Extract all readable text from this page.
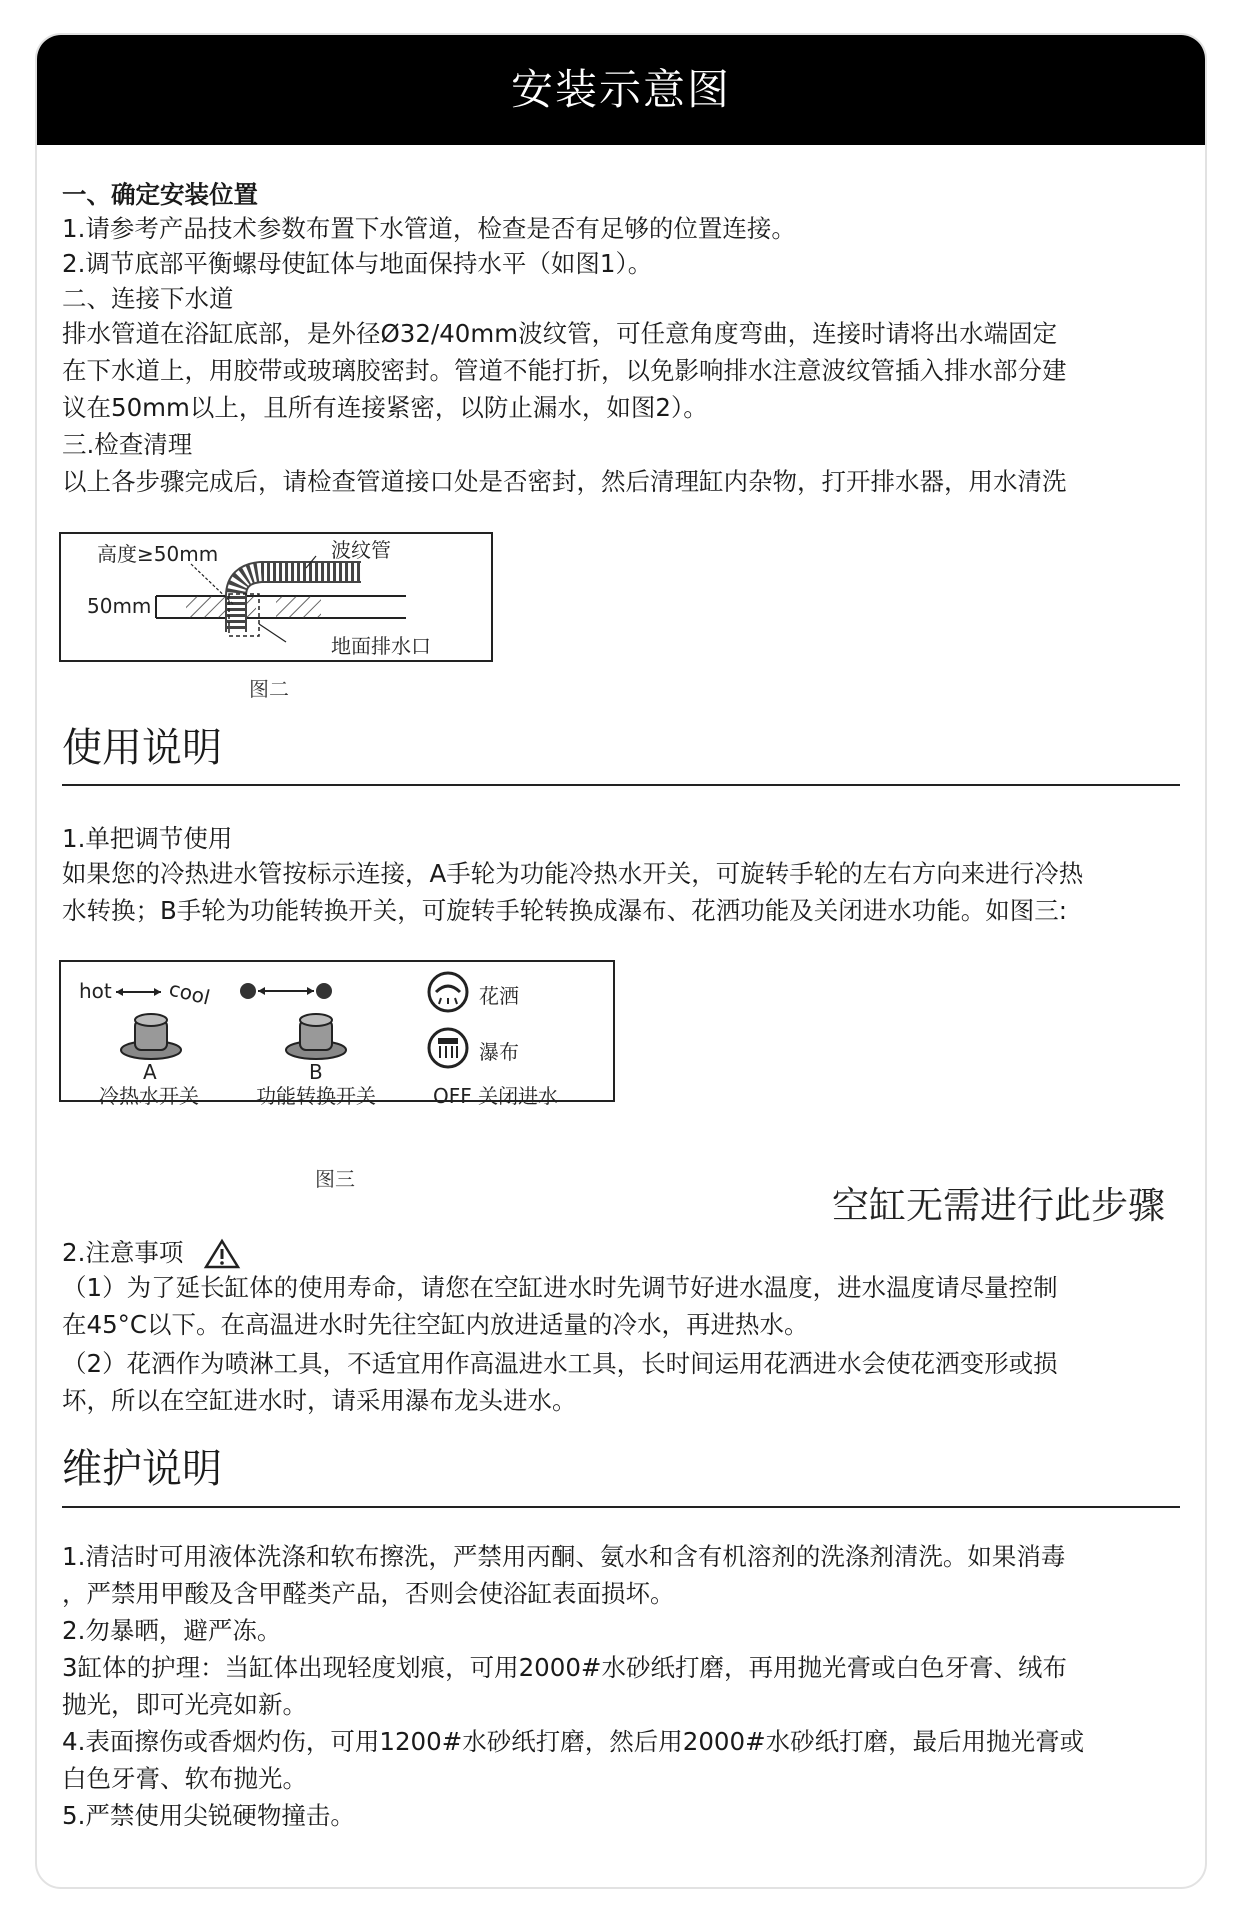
安装示意图
一、确定安装位置
1.请参考产品技术参数布置下水管道，检查是否有足够的位置连接。
2.调节底部平衡螺母使缸体与地面保持水平（如图1）。
二、连接下水道
排水管道在浴缸底部，是外径Ø32/40mm波纹管，可任意角度弯曲，连接时请将出水端固定
在下水道上，用胶带或玻璃胶密封。管道不能打折，以免影响排水注意波纹管插入排水部分建
议在50mm以上，且所有连接紧密，以防止漏水，如图2）。
三.检查清理
以上各步骤完成后，请检查管道接口处是否密封，然后清理缸内杂物，打开排水器，用水清洗
高度≥50mm	波纹管
50mm
地面排水口
图二
使用说明
1.单把调节使用
如果您的冷热进水管按标示连接，A手轮为功能冷热水开关，可旋转手轮的左右方向来进行冷热
水转换；B手轮为功能转换开关，可旋转手轮转换成瀑布、花洒功能及关闭进水功能。如图三:
hot	cool
A
冷热水开关
B
功能转换开关
花洒
瀑布
OFF 关闭进水
图三
空缸无需进行此步骤
2.注意事项
（1）为了延长缸体的使用寿命，请您在空缸进水时先调节好进水温度，进水温度请尽量控制
在45°C以下。在高温进水时先往空缸内放进适量的冷水，再进热水。
（2）花洒作为喷淋工具，不适宜用作高温进水工具，长时间运用花洒进水会使花洒变形或损
坏，所以在空缸进水时，请采用瀑布龙头进水。
维护说明
1.清洁时可用液体洗涤和软布擦洗，严禁用丙酮、氨水和含有机溶剂的洗涤剂清洗。如果消毒
，严禁用甲酸及含甲醛类产品，否则会使浴缸表面损坏。
2.勿暴晒，避严冻。
3缸体的护理：当缸体出现轻度划痕，可用2000#水砂纸打磨，再用抛光膏或白色牙膏、绒布
抛光，即可光亮如新。
4.表面擦伤或香烟灼伤，可用1200#水砂纸打磨，然后用2000#水砂纸打磨，最后用抛光膏或
白色牙膏、软布抛光。
5.严禁使用尖锐硬物撞击。
